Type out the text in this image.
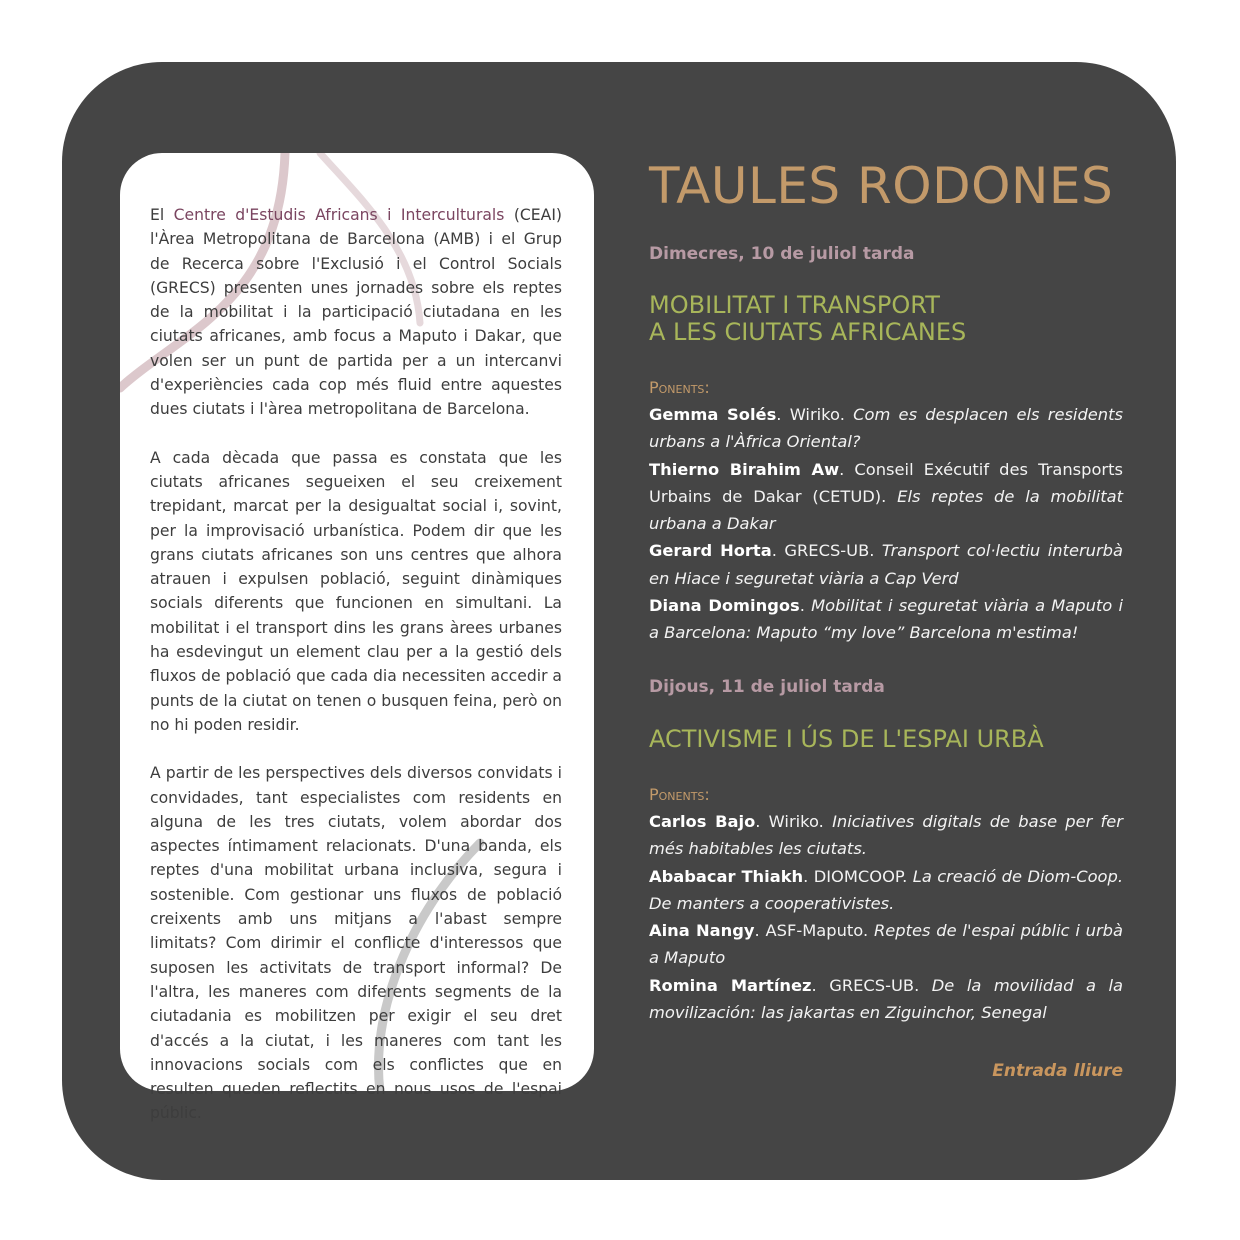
El Centre d'Estudis Africans i Interculturals (CEAI) l'Àrea Metropolitana de Barcelona (AMB) i el Grup de Recerca sobre l'Exclusió i el Control Socials (GRECS) presenten unes jornades sobre els reptes de la mobilitat i la participació ciutadana en les ciutats africanes, amb focus a Maputo i Dakar, que volen ser un punt de partida per a un intercanvi d'experiències cada cop més fluid entre aquestes dues ciutats i l'àrea metropolitana de Barcelona.

A cada dècada que passa es constata que les ciutats africanes segueixen el seu creixement trepidant, marcat per la desigualtat social i, sovint, per la improvisació urbanística. Podem dir que les grans ciutats africanes son uns centres que alhora atrauen i expulsen població, seguint dinàmiques socials diferents que funcionen en simultani. La mobilitat i el transport dins les grans àrees urbanes ha esdevingut un element clau per a la gestió dels fluxos de població que cada dia necessiten accedir a punts de la ciutat on tenen o busquen feina, però on no hi poden residir.

A partir de les perspectives dels diversos convidats i convidades, tant especialistes com residents en alguna de les tres ciutats, volem abordar dos aspectes íntimament relacionats. D'una banda, els reptes d'una mobilitat urbana inclusiva, segura i sostenible. Com gestionar uns fluxos de població creixents amb uns mitjans a l'abast sempre limitats? Com dirimir el conflicte d'interessos que suposen les activitats de transport informal? De l'altra, les maneres com diferents segments de la ciutadania es mobilitzen per exigir el seu dret d'accés a la ciutat, i les maneres com tant les innovacions socials com els conflictes que en resulten queden reflectits en nous usos de l'espai públic.

TAULES RODONES
Dimecres, 10 de juliol tarda
MOBILITAT I TRANSPORT
A LES CIUTATS AFRICANES
Ponents:

Gemma Solés. Wiriko. Com es desplacen els residents urbans a l'Àfrica Oriental?

Thierno Birahim Aw. Conseil Exécutif des Transports Urbains de Dakar (CETUD). Els reptes de la mobilitat urbana a Dakar

Gerard Horta. GRECS-UB. Transport col·lectiu interurbà en Hiace i seguretat viària a Cap Verd

Diana Domingos. Mobilitat i seguretat viària a Maputo i a Barcelona: Maputo “my love” Barcelona m'estima!

Dijous, 11 de juliol tarda
ACTIVISME I ÚS DE L'ESPAI URBÀ
Ponents:

Carlos Bajo. Wiriko. Iniciatives digitals de base per fer més habitables les ciutats.

Ababacar Thiakh. DIOMCOOP. La creació de Diom-Coop. De manters a cooperativistes.

Aina Nangy. ASF-Maputo. Reptes de l'espai públic i urbà a Maputo

Romina Martínez. GRECS-UB. De la movilidad a la movilización: las jakartas en Ziguinchor, Senegal

Entrada lliure
